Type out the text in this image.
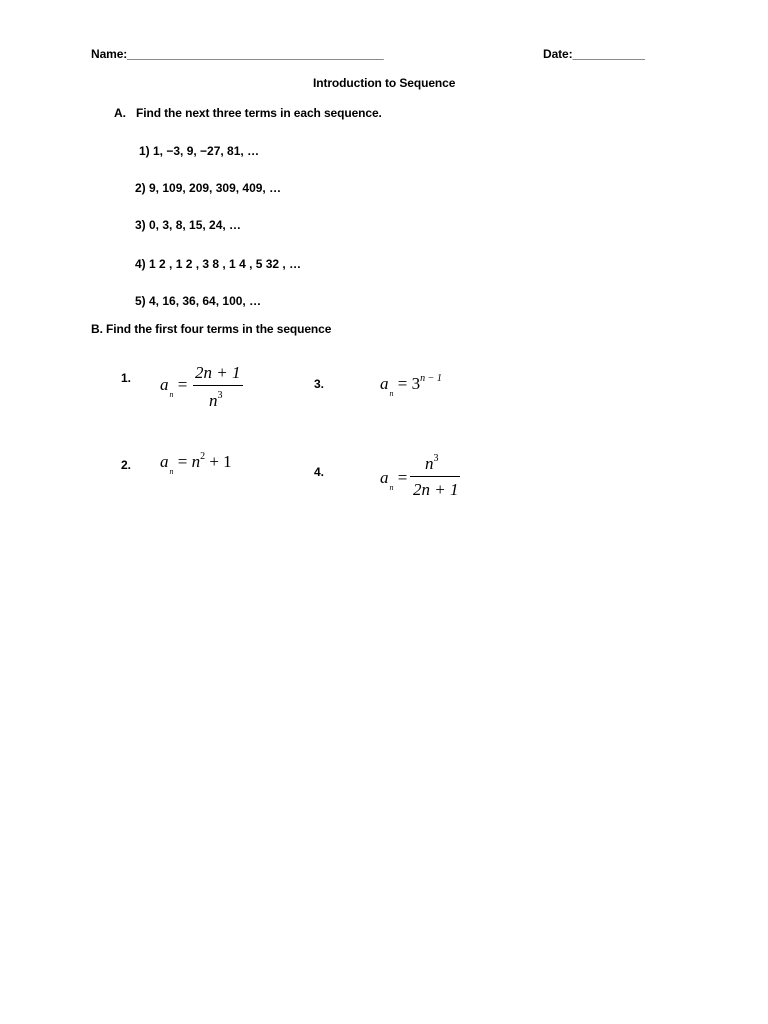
Name:_______________________________________	Date:___________
Introduction to Sequence
A. Find the next three terms in each sequence.
1) 1, −3, 9, −27, 81, …
2) 9, 109, 209, 309, 409, …
3) 0, 3, 8, 15, 24, …
4) 1 2 , 1 2 , 3 8 , 1 4 , 5 32 , …
5) 4, 16, 36, 64, 100, …
B. Find the first four terms in the sequence
1. $a_n$ =
2n + 1
$n^3$
3.	$a_n = 3^{n - 1}$
2. $a_n = n^2 + 1$
4.	$a_n$ =
$n^3$
2n + 1
